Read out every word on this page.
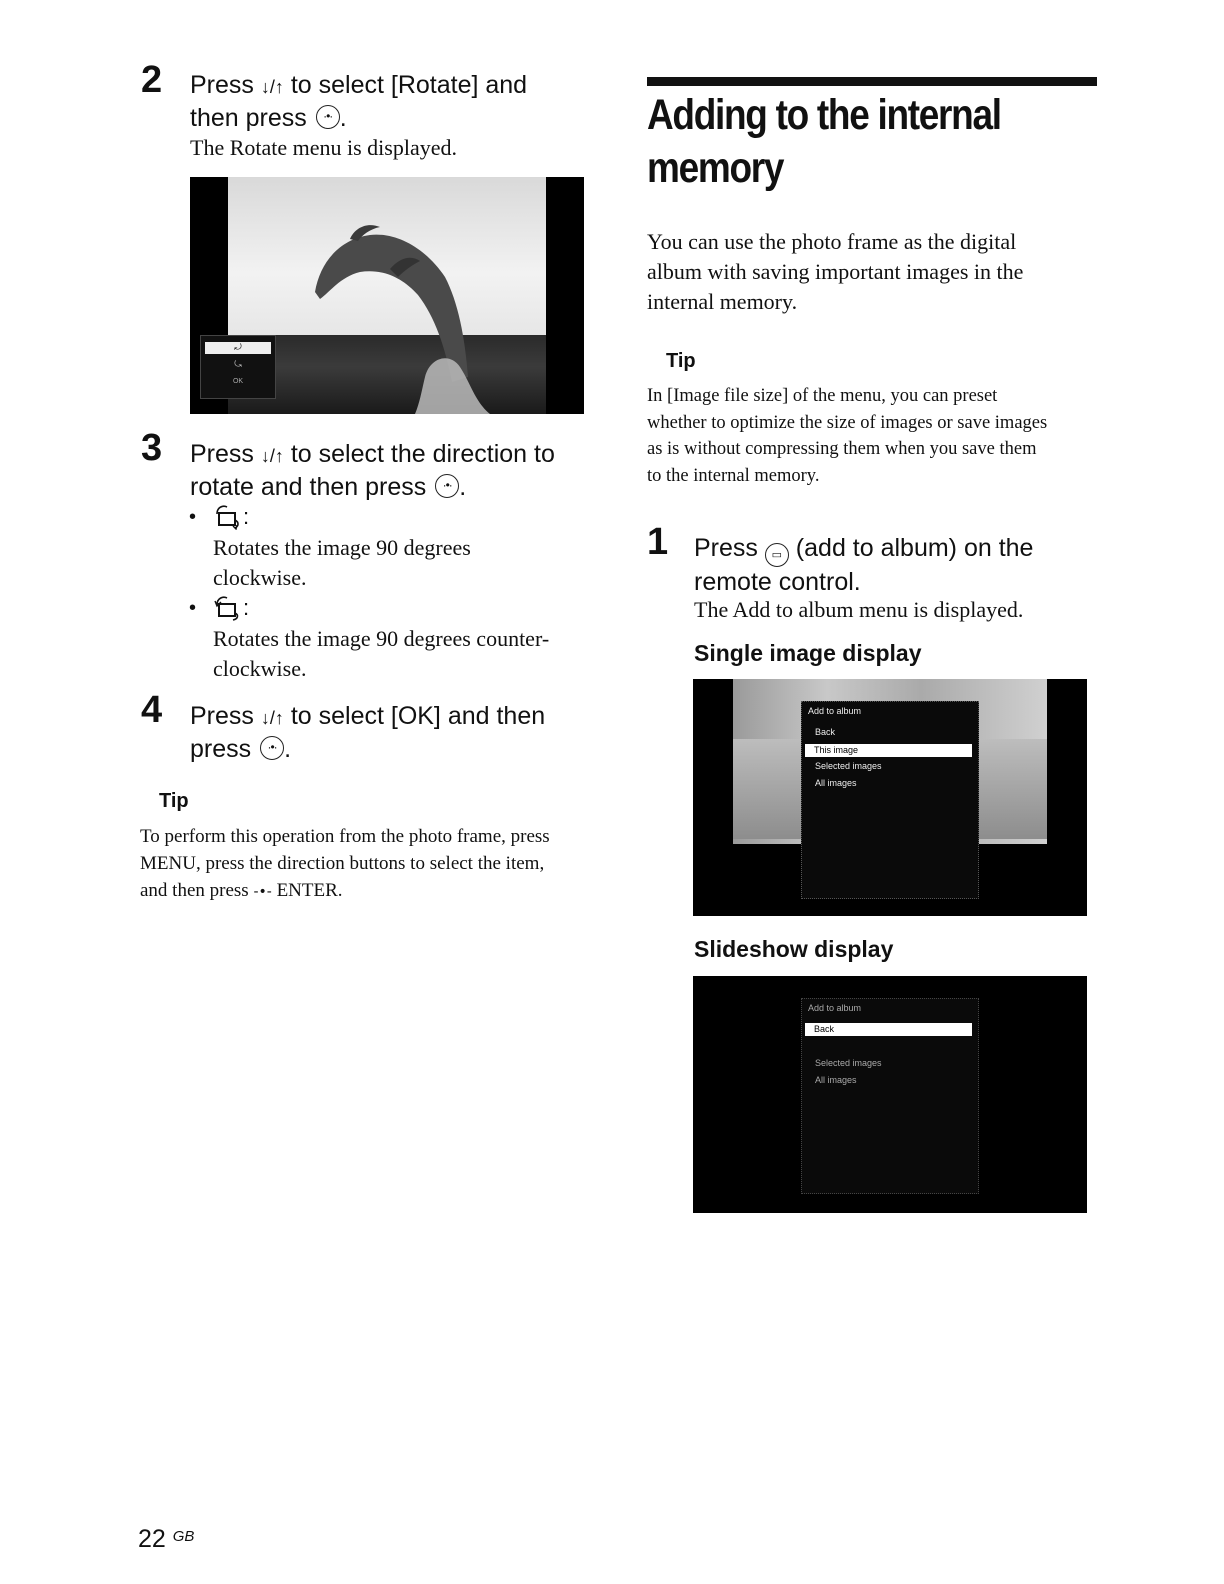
2 Press ↓/↑ to select [Rotate] and
then press ·•·.
The Rotate menu is displayed.
⤾
⤿
OK
3 Press ↓/↑ to select the direction to
rotate and then press ·•·.
•	:
Rotates the image 90 degrees
clockwise.
•	:
Rotates the image 90 degrees counter-
clockwise.
4 Press ↓/↑ to select [OK] and then
press ·•·.
Tip
To perform this operation from the photo frame, press
MENU, press the direction buttons to select the item,
and then press -•- ENTER.
Adding to the internal
memory
You can use the photo frame as the digital
album with saving important images in the
internal memory.
Tip
In [Image file size] of the menu, you can preset
whether to optimize the size of images or save images
as is without compressing them when you save them
to the internal memory.
1 Press ▭ (add to album) on the
remote control.
The Add to album menu is displayed.
Single image display
Add to album
Back
This image
Selected images
All images
Slideshow display
Add to album
Back
Selected images
All images
22 $^{GB}$
